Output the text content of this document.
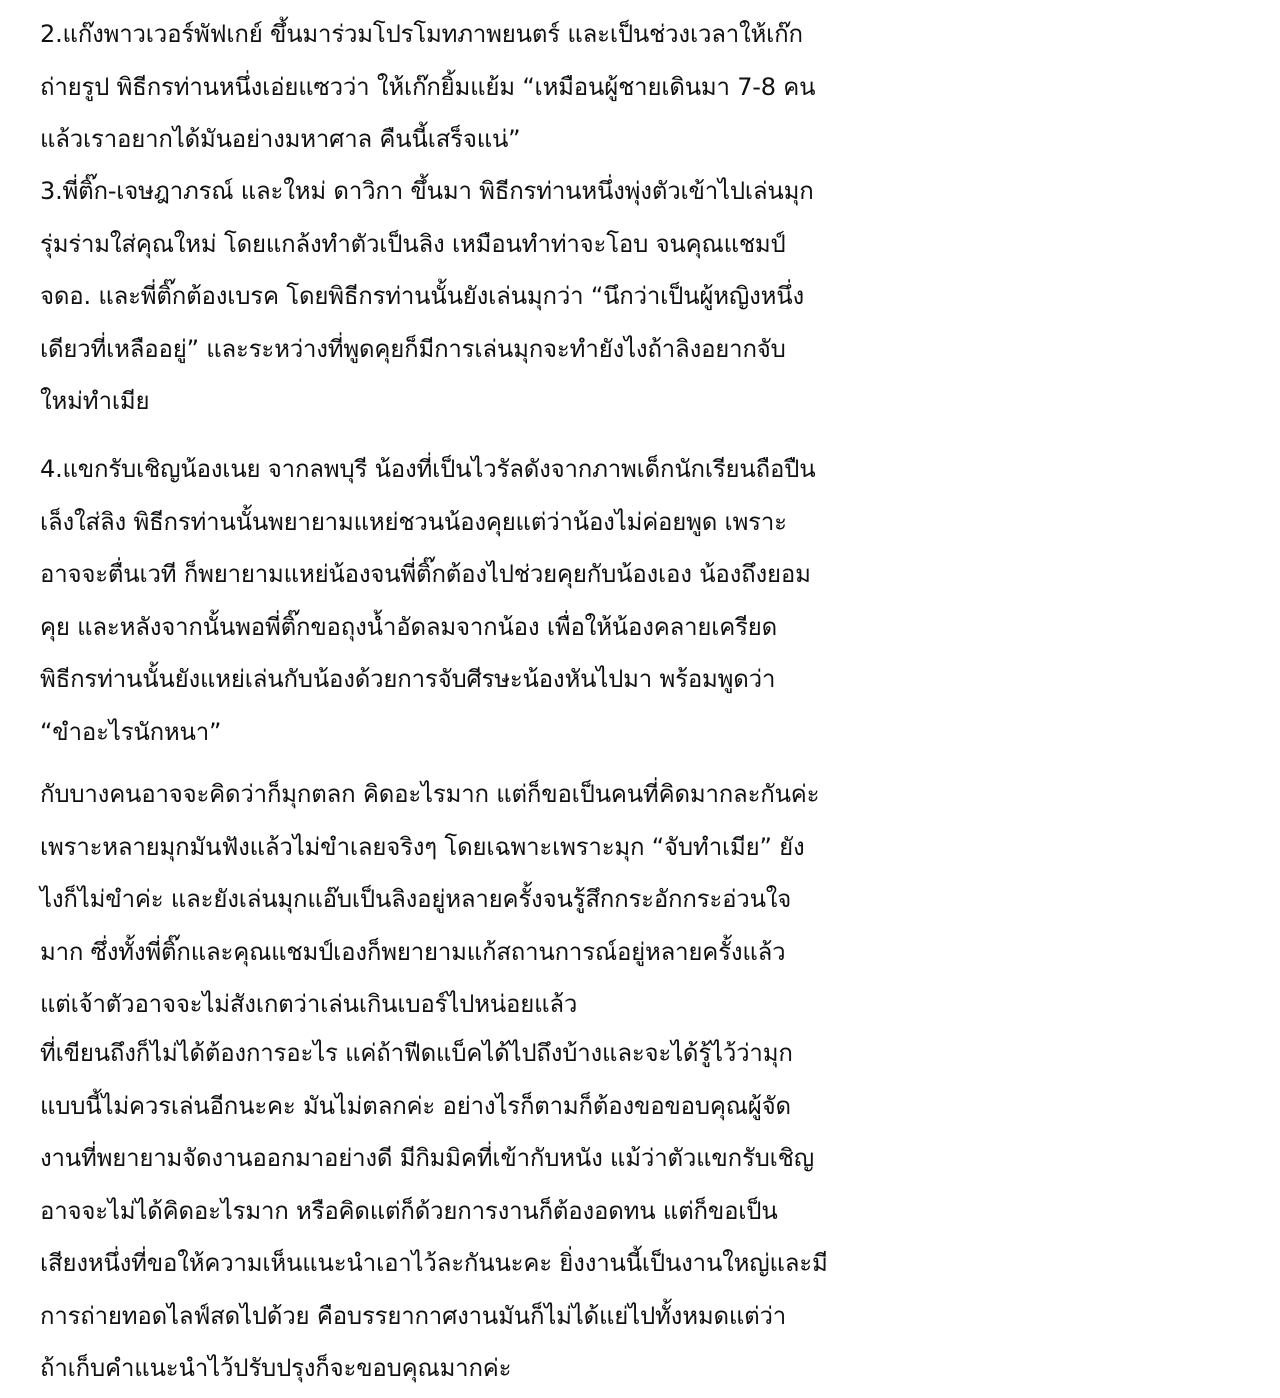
2.แก๊งพาวเวอร์พัฟเกย์ ขึ้นมาร่วมโปรโมทภาพยนตร์ และเป็นช่วงเวลาให้เก๊ก
ถ่ายรูป พิธีกรท่านหนึ่งเอ่ยแซวว่า ให้เก๊กยิ้มแย้ม “เหมือนผู้ชายเดินมา 7-8 คน
แล้วเราอยากได้มันอย่างมหาศาล คืนนี้เสร็จแน่”
3.พี่ติ๊ก-เจษฎาภรณ์ และใหม่ ดาวิกา ขึ้นมา พิธีกรท่านหนึ่งพุ่งตัวเข้าไปเล่นมุก
รุ่มร่ามใส่คุณใหม่ โดยแกล้งทำตัวเป็นลิง เหมือนทำท่าจะโอบ จนคุณแชมป์
จดอ. และพี่ติ๊กต้องเบรค โดยพิธีกรท่านนั้นยังเล่นมุกว่า “นึกว่าเป็นผู้หญิงหนึ่ง
เดียวที่เหลืออยู่” และระหว่างที่พูดคุยก็มีการเล่นมุกจะทำยังไงถ้าลิงอยากจับ
ใหม่ทำเมีย
4.แขกรับเชิญน้องเนย จากลพบุรี น้องที่เป็นไวรัลดังจากภาพเด็กนักเรียนถือปืน
เล็งใส่ลิง พิธีกรท่านนั้นพยายามแหย่ชวนน้องคุยแต่ว่าน้องไม่ค่อยพูด เพราะ
อาจจะตื่นเวที ก็พยายามแหย่น้องจนพี่ติ๊กต้องไปช่วยคุยกับน้องเอง น้องถึงยอม
คุย และหลังจากนั้นพอพี่ติ๊กขอถุงน้ำอัดลมจากน้อง เพื่อให้น้องคลายเครียด
พิธีกรท่านนั้นยังแหย่เล่นกับน้องด้วยการจับศีรษะน้องหันไปมา พร้อมพูดว่า
“ขำอะไรนักหนา”
กับบางคนอาจจะคิดว่าก็มุกตลก คิดอะไรมาก แต่ก็ขอเป็นคนที่คิดมากละกันค่ะ
เพราะหลายมุกมันฟังแล้วไม่ขำเลยจริงๆ โดยเฉพาะเพราะมุก “จับทำเมีย” ยัง
ไงก็ไม่ขำค่ะ และยังเล่นมุกแอ๊บเป็นลิงอยู่หลายครั้งจนรู้สึกกระอักกระอ่วนใจ
มาก ซึ่งทั้งพี่ติ๊กและคุณแชมป์เองก็พยายามแก้สถานการณ์อยู่หลายครั้งแล้ว
แต่เจ้าตัวอาจจะไม่สังเกตว่าเล่นเกินเบอร์ไปหน่อยแล้ว
ที่เขียนถึงก็ไม่ได้ต้องการอะไร แค่ถ้าฟีดแบ็คได้ไปถึงบ้างและจะได้รู้ไว้ว่ามุก
แบบนี้ไม่ควรเล่นอีกนะคะ มันไม่ตลกค่ะ อย่างไรก็ตามก็ต้องขอขอบคุณผู้จัด
งานที่พยายามจัดงานออกมาอย่างดี มีกิมมิคที่เข้ากับหนัง แม้ว่าตัวแขกรับเชิญ
อาจจะไม่ได้คิดอะไรมาก หรือคิดแต่ก็ด้วยการงานก็ต้องอดทน แต่ก็ขอเป็น
เสียงหนึ่งที่ขอให้ความเห็นแนะนำเอาไว้ละกันนะคะ ยิ่งงานนี้เป็นงานใหญ่และมี
การถ่ายทอดไลฟ์สดไปด้วย คือบรรยากาศงานมันก็ไม่ได้แย่ไปทั้งหมดแต่ว่า
ถ้าเก็บคำแนะนำไว้ปรับปรุงก็จะขอบคุณมากค่ะ
